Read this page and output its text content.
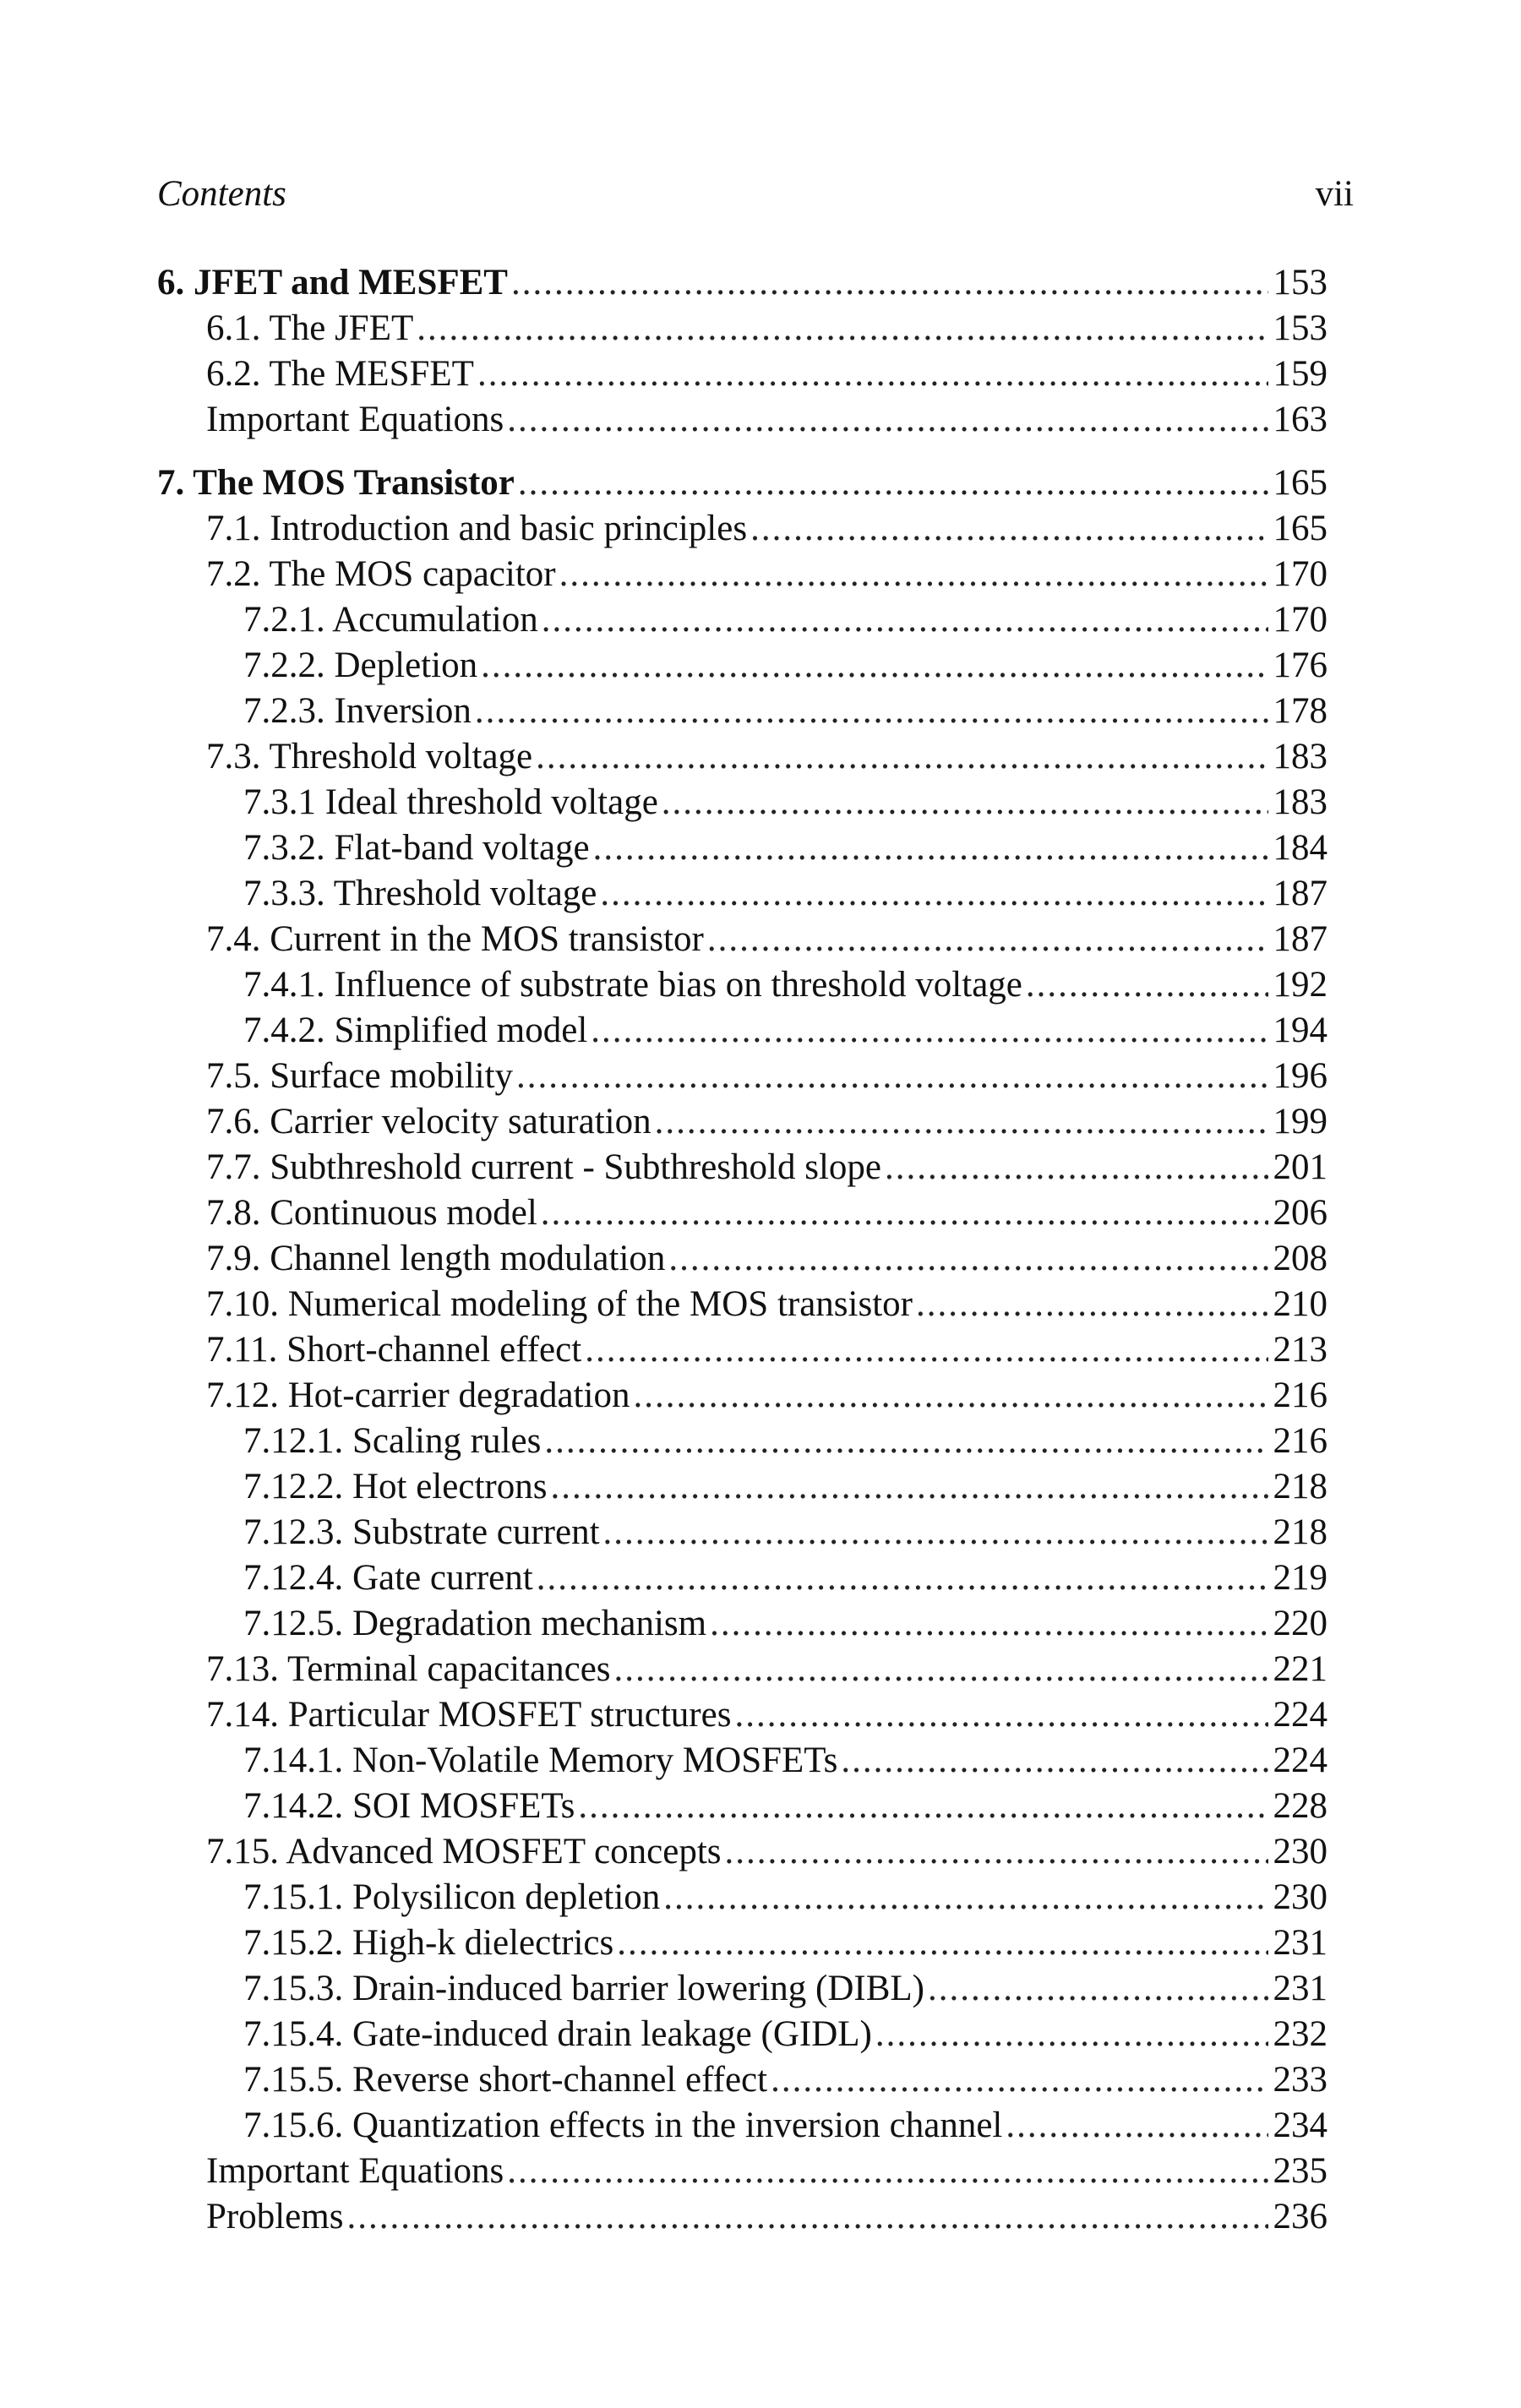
Contents	vii
6. JFET and MESFET .....	153
6.1. The JFET .....	153
6.2. The MESFET .....	159
Important Equations .....	163
7. The MOS Transistor .....	165
7.1. Introduction and basic principles .....	165
7.2. The MOS capacitor .....	170
7.2.1. Accumulation .....	170
7.2.2. Depletion .....	176
7.2.3. Inversion .....	178
7.3. Threshold voltage .....	183
7.3.1 Ideal threshold voltage .....	183
7.3.2. Flat-band voltage .....	184
7.3.3. Threshold voltage .....	187
7.4. Current in the MOS transistor .....	187
7.4.1. Influence of substrate bias on threshold voltage .....	192
7.4.2. Simplified model .....	194
7.5. Surface mobility .....	196
7.6. Carrier velocity saturation .....	199
7.7. Subthreshold current - Subthreshold slope .....	201
7.8. Continuous model .....	206
7.9. Channel length modulation .....	208
7.10. Numerical modeling of the MOS transistor .....	210
7.11. Short-channel effect .....	213
7.12. Hot-carrier degradation .....	216
7.12.1. Scaling rules .....	216
7.12.2. Hot electrons .....	218
7.12.3. Substrate current .....	218
7.12.4. Gate current .....	219
7.12.5. Degradation mechanism .....	220
7.13. Terminal capacitances .....	221
7.14. Particular MOSFET structures .....	224
7.14.1. Non-Volatile Memory MOSFETs .....	224
7.14.2. SOI MOSFETs .....	228
7.15. Advanced MOSFET concepts .....	230
7.15.1. Polysilicon depletion .....	230
7.15.2. High-k dielectrics .....	231
7.15.3. Drain-induced barrier lowering (DIBL) .....	231
7.15.4. Gate-induced drain leakage (GIDL) .....	232
7.15.5. Reverse short-channel effect .....	233
7.15.6. Quantization effects in the inversion channel .....	234
Important Equations .....	235
Problems .....	236
